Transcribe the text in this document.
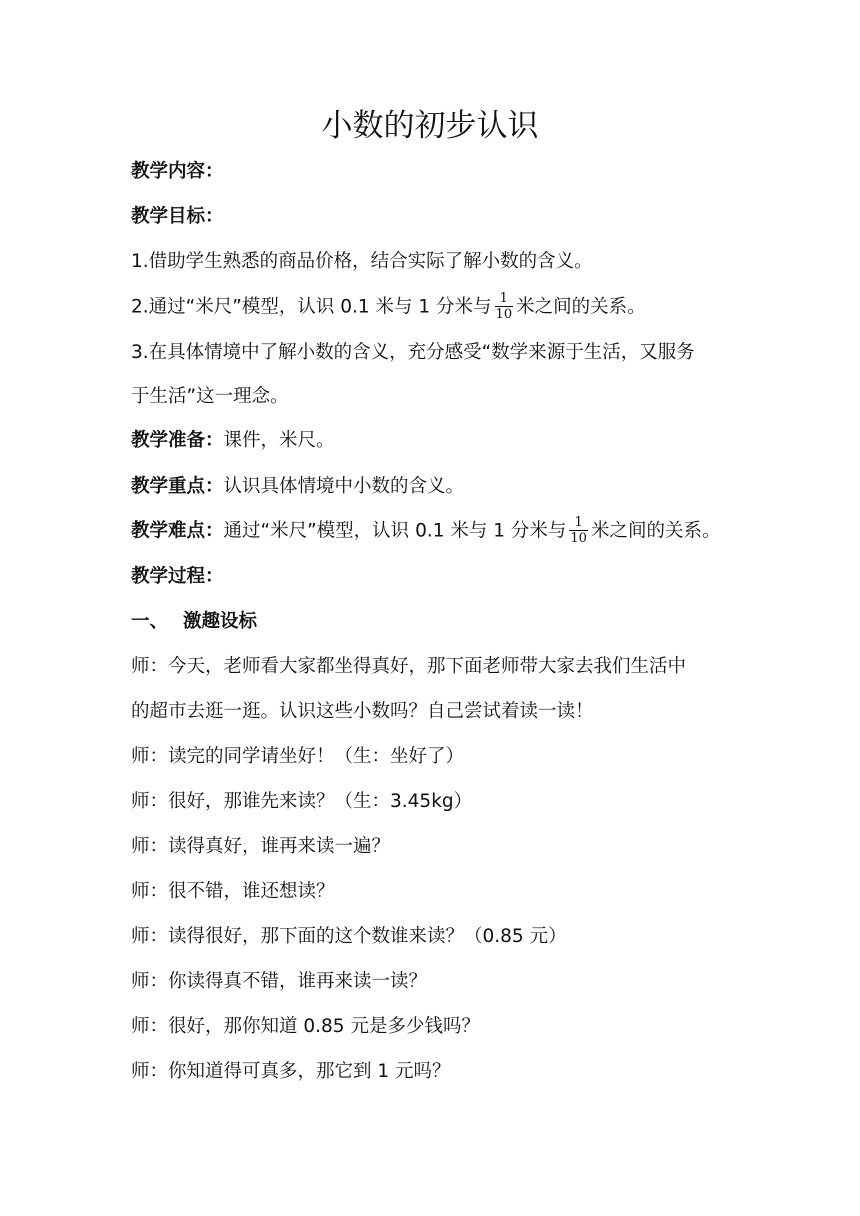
小数的初步认识
教学内容：
教学目标：
1.借助学生熟悉的商品价格，结合实际了解小数的含义。
2.通过“米尺”模型，认识 0.1 米与 1 分米与 $\frac{1}{10}$ 米之间的关系。
3.在具体情境中了解小数的含义，充分感受“数学来源于生活，又服务
于生活”这一理念。
教学准备：课件，米尺。
教学重点：认识具体情境中小数的含义。
教学难点：通过“米尺”模型，认识 0.1 米与 1 分米与 $\frac{1}{10}$ 米之间的关系。
教学过程：
一、 激趣设标
师：今天，老师看大家都坐得真好，那下面老师带大家去我们生活中
的超市去逛一逛。认识这些小数吗？自己尝试着读一读！
师：读完的同学请坐好！（生：坐好了）
师：很好，那谁先来读？（生：3.45kg）
师：读得真好，谁再来读一遍？
师：很不错，谁还想读？
师：读得很好，那下面的这个数谁来读？（0.85 元）
师：你读得真不错，谁再来读一读？
师：很好，那你知道 0.85 元是多少钱吗？
师：你知道得可真多，那它到 1 元吗？
